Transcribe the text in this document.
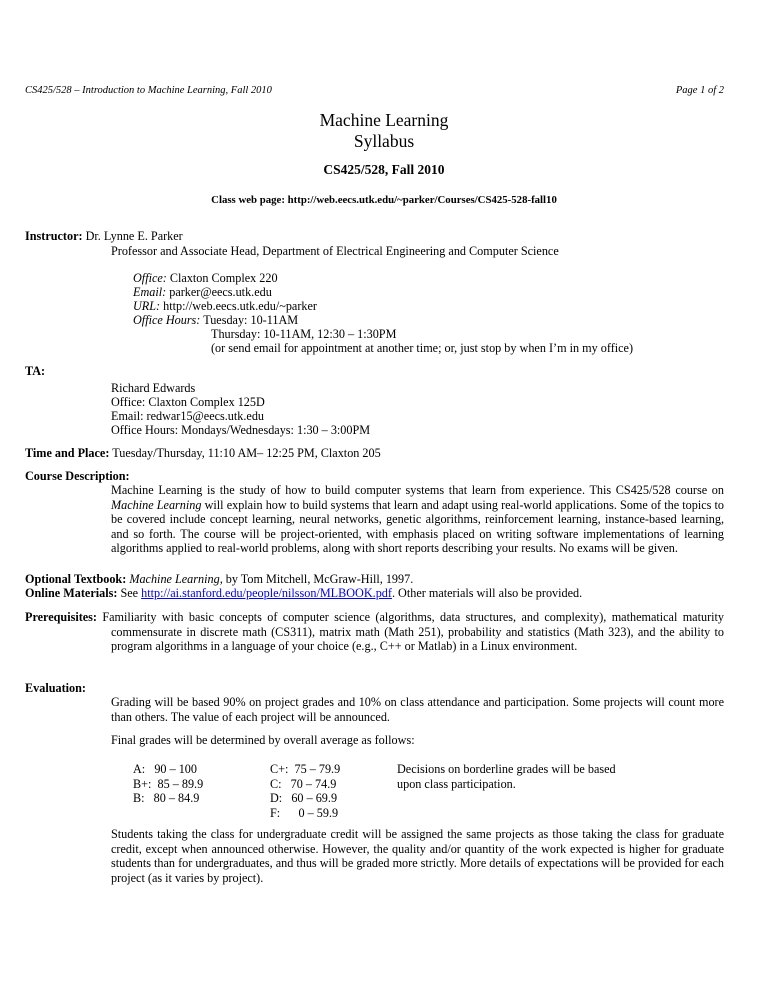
CS425/528 – Introduction to Machine Learning, Fall 2010	Page 1 of 2
Machine Learning
Syllabus
CS425/528, Fall 2010
Class web page: http://web.eecs.utk.edu/~parker/Courses/CS425-528-fall10
Instructor: Dr. Lynne E. Parker
Professor and Associate Head, Department of Electrical Engineering and Computer Science
Office: Claxton Complex 220
Email: parker@eecs.utk.edu
URL: http://web.eecs.utk.edu/~parker
Office Hours: Tuesday: 10-11AM
Thursday: 10-11AM, 12:30 – 1:30PM
(or send email for appointment at another time; or, just stop by when I’m in my office)
TA:
Richard Edwards
Office: Claxton Complex 125D
Email: redwar15@eecs.utk.edu
Office Hours: Mondays/Wednesdays: 1:30 – 3:00PM
Time and Place: Tuesday/Thursday, 11:10 AM– 12:25 PM, Claxton 205
Course Description:
Machine Learning is the study of how to build computer systems that learn from experience. This CS425/528 course on Machine Learning will explain how to build systems that learn and adapt using real-world applications. Some of the topics to be covered include concept learning, neural networks, genetic algorithms, reinforcement learning, instance-based learning, and so forth. The course will be project-oriented, with emphasis placed on writing software implementations of learning algorithms applied to real-world problems, along with short reports describing your results. No exams will be given.
Optional Textbook: Machine Learning, by Tom Mitchell, McGraw-Hill, 1997.
Online Materials: See http://ai.stanford.edu/people/nilsson/MLBOOK.pdf. Other materials will also be provided.
Prerequisites: Familiarity with basic concepts of computer science (algorithms, data structures, and complexity), mathematical maturity commensurate in discrete math (CS311), matrix math (Math 251), probability and statistics (Math 323), and the ability to program algorithms in a language of your choice (e.g., C++ or Matlab) in a Linux environment.
Evaluation:
Grading will be based 90% on project grades and 10% on class attendance and participation. Some projects will count more than others. The value of each project will be announced.
Final grades will be determined by overall average as follows:
A:   90 – 100
B+:  85 – 89.9
B:   80 – 84.9
C+:  75 – 79.9
C:   70 – 74.9
D:   60 – 69.9
F:      0 – 59.9
Decisions on borderline grades will be based upon class participation.
Students taking the class for undergraduate credit will be assigned the same projects as those taking the class for graduate credit, except when announced otherwise. However, the quality and/or quantity of the work expected is higher for graduate students than for undergraduates, and thus will be graded more strictly. More details of expectations will be provided for each project (as it varies by project).
